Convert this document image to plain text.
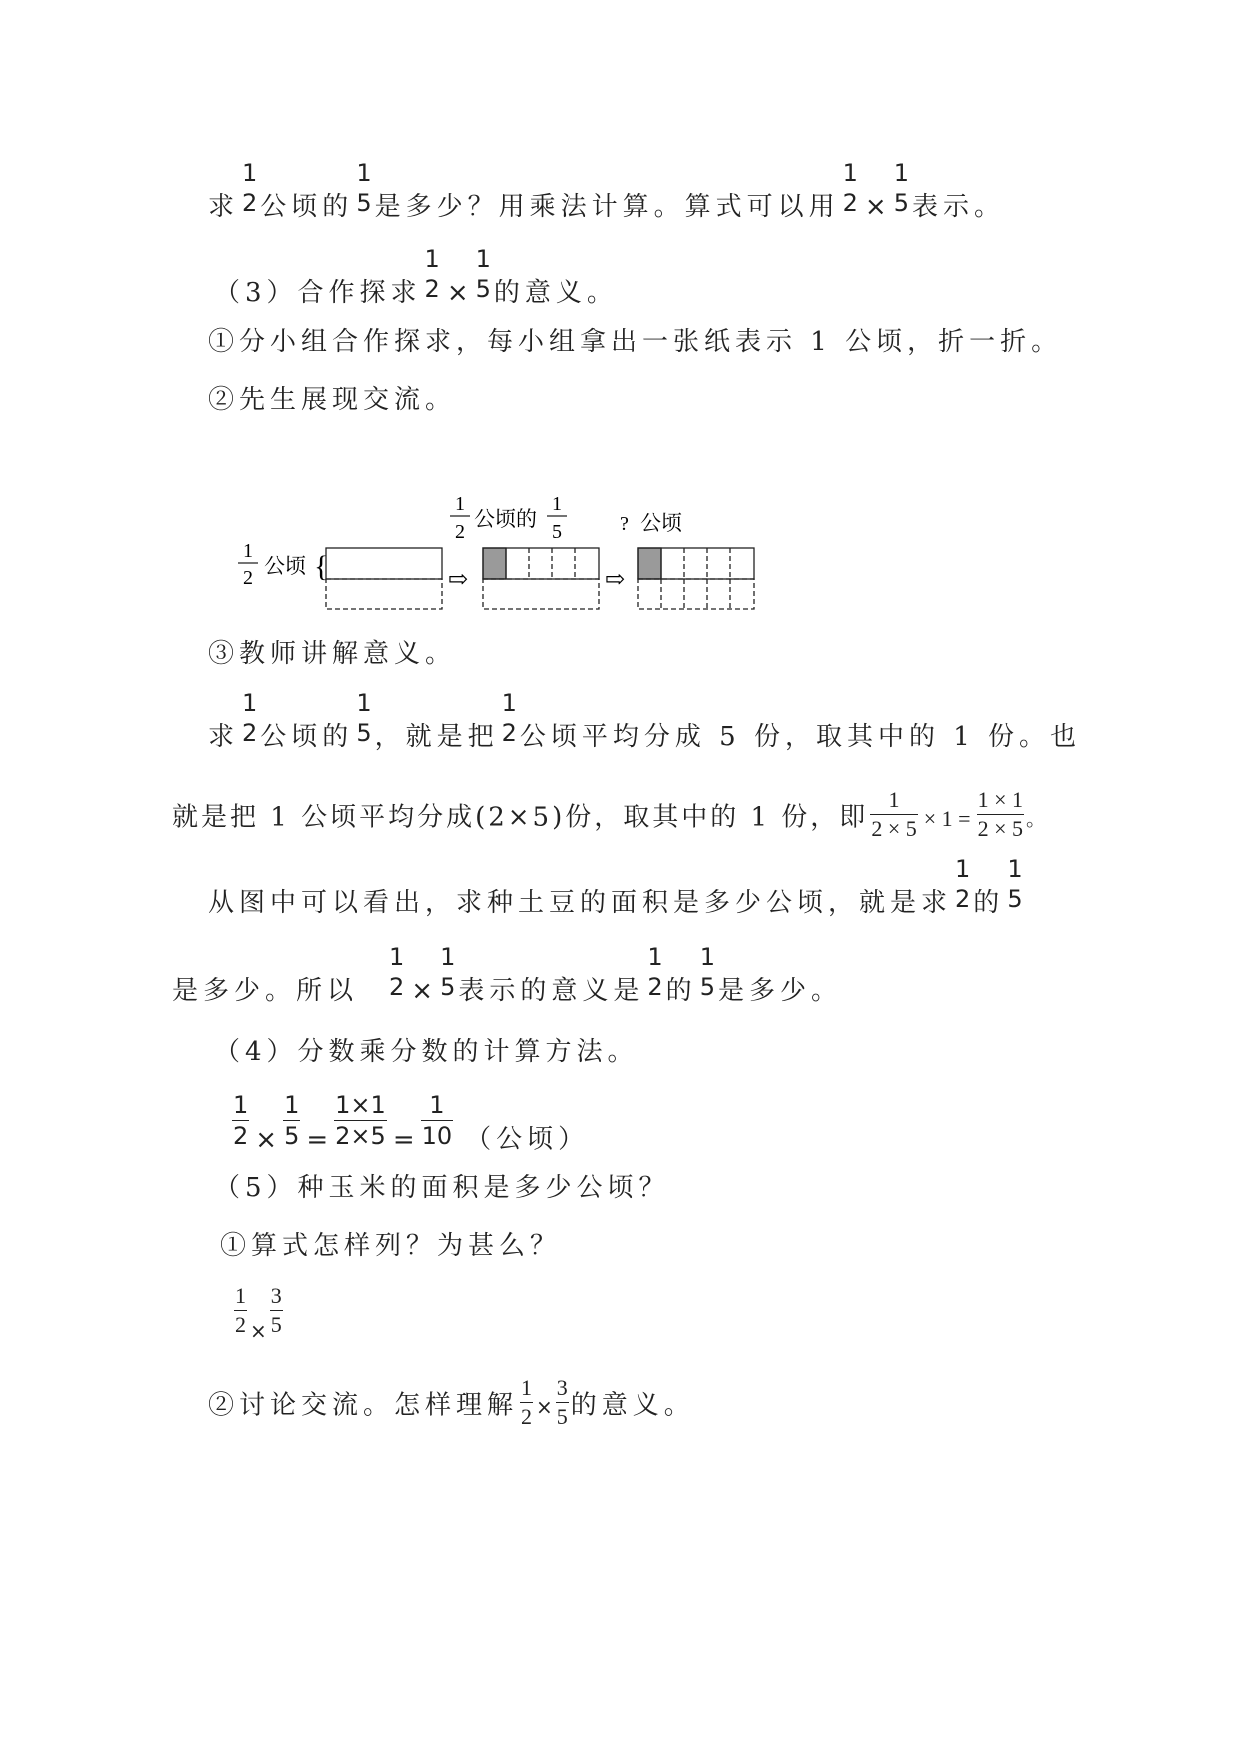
求
1
2 公顷的
1
5 是多少？用乘法计算。算式可以用
1
2 ×
1
5 表示。
（3）合作探求
1
2 ×
1
5 的意义。
①分小组合作探求，每小组拿出一张纸表示 1 公顷，折一折。
②先生展现交流。
1
2 公顷 {	⇨
1
2
公顷的
1
5
⇨
? 公顷
③教师讲解意义。
求
1
2 公顷的
1
5 ，就是把
1
2 公顷平均分成 5 份，取其中的 1 份。也
就是把 1 公顷平均分成(2×5)份，取其中的 1 份，即 $\frac{1}{2 \times 5} \times 1 = \frac{1 \times 1}{2 \times 5}$ 。
从图中可以看出，求种土豆的面积是多少公顷，就是求
1
2 的
1
5
是多少。所以
1
2 ×
1
5 表示的意义是
1
2 的
1
5 是多少。
（4）分数乘分数的计算方法。
$\frac{1}{2} \times \frac{1}{5} = \frac{1\times 1}{2\times 5} = \frac{1}{10}$ （公顷）
（5）种玉米的面积是多少公顷？
①算式怎样列？为甚么？
$\frac{1}{2} \times \frac{3}{5}$
②讨论交流。怎样理解 $\frac{1}{2} \times \frac{3}{5}$ 的意义。
